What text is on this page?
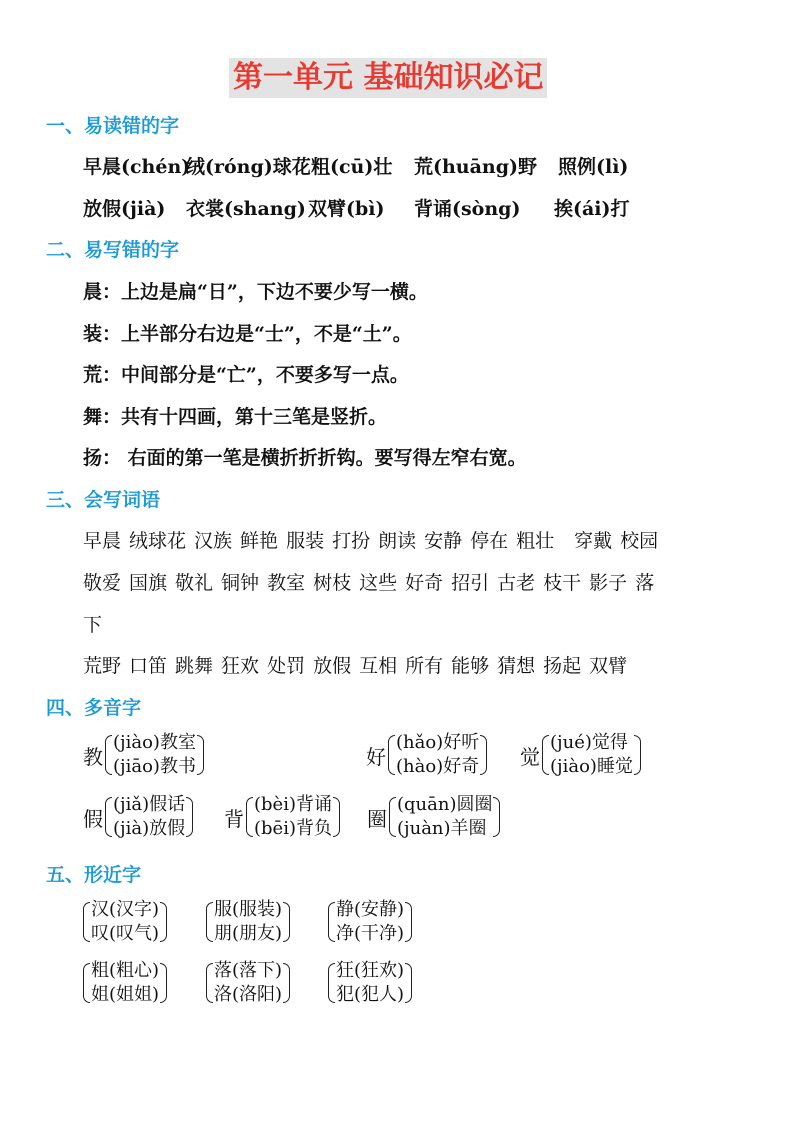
第一单元 基础知识必记
一、易读错的字
早晨(chén)
绒(róng)球花 粗(cū)壮 荒(huāng)野 照例(lì)
放假(jià) 衣裳(shang) 双臂(bì) 背诵(sòng) 挨(ái)打
二、易写错的字
晨：上边是扁“日”，下边不要少写一横。
装：上半部分右边是“士”，不是“土”。
荒：中间部分是“亡”，不要多写一点。
舞：共有十四画，第十三笔是竖折。
扬： 右面的第一笔是横折折折钩。要写得左窄右宽。
三、会写词语
早晨 绒球花 汉族 鲜艳 服装 打扮 朗读 安静 停在 粗壮 穿戴 校园
敬爱 国旗 敬礼 铜钟 教室 树枝 这些 好奇 招引 古老 枝干 影子 落
下
荒野 口笛 跳舞 狂欢 处罚 放假 互相 所有 能够 猜想 扬起 双臂
四、多音字
教
(jiào)教室
(jiāo)教书	好
(hǎo)好听
(hào)好奇 觉
(jué)觉得
(jiào)睡觉
假
(jiǎ)假话
(jià)放假 背
(bèi)背诵
(bēi)背负 圈
(quān)圆圈
(juàn)羊圈
五、形近字
汉(汉字)
叹(叹气)
服(服装)
朋(朋友)
静(安静)
净(干净)
粗(粗心)
姐(姐姐)
落(落下)
洛(洛阳)
狂(狂欢)
犯(犯人)
